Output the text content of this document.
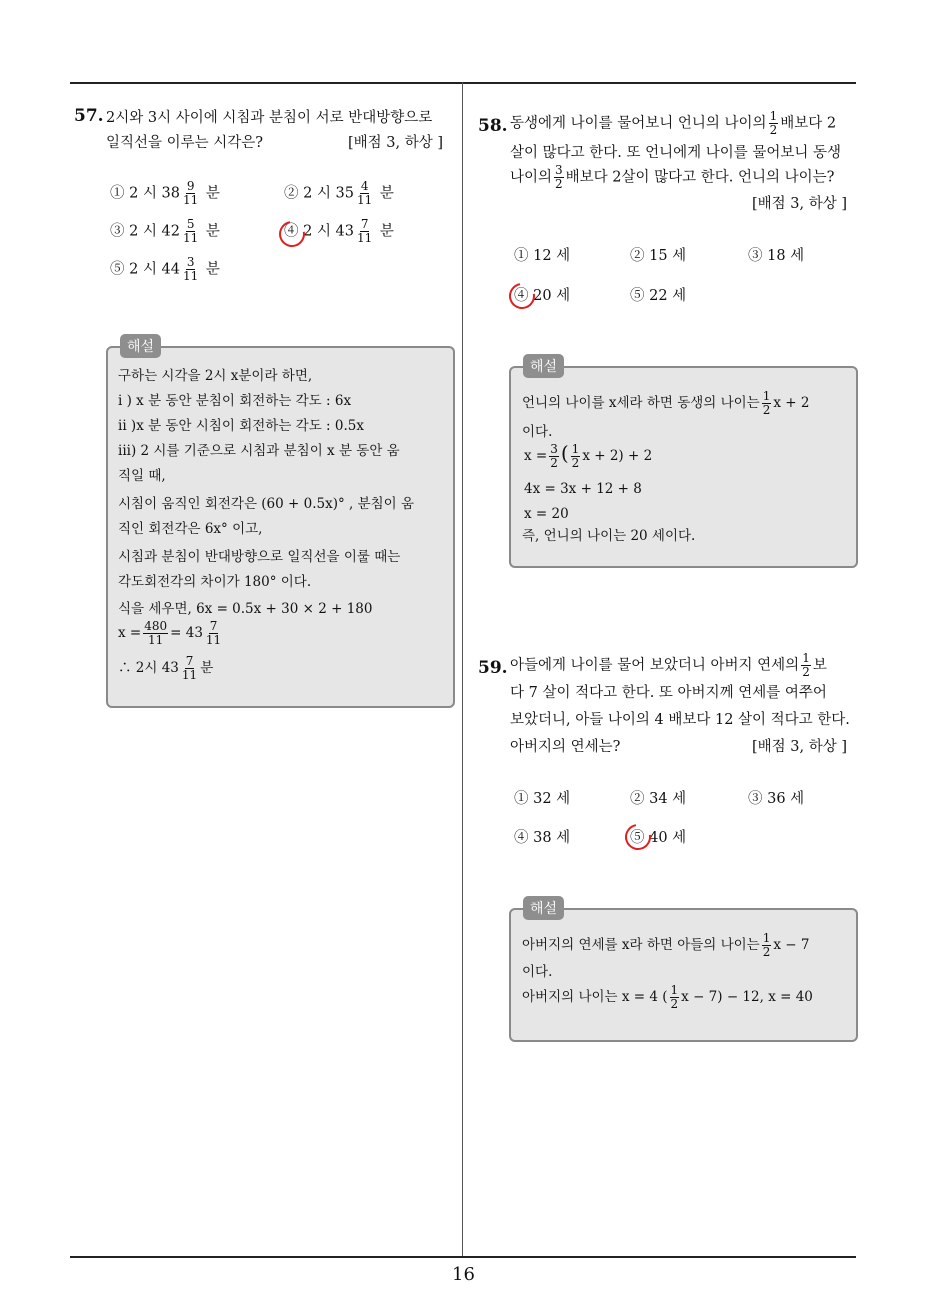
16
57. 2시와 3시 사이에 시침과 분침이 서로 반대방향으로
일직선을 이루는 시각은?	[배점 3, 하상 ]
① 2 시 $38 \frac{9}{11}$ 분	② 2 시 $35 \frac{4}{11}$ 분
③ 2 시 $42 \frac{5}{11}$ 분	④ 2 시 $43 \frac{7}{11}$ 분
⑤ 2 시 $44 \frac{3}{11}$ 분
해설
구하는 시각을 2시 x분이라 하면,
i ) x 분 동안 분침이 회전하는 각도 : 6x
ii )x 분 동안 시침이 회전하는 각도 : 0.5x
iii) 2 시를 기준으로 시침과 분침이 x 분 동안 움
직일 때,
시침이 움직인 회전각은 (60 + 0.5x)° , 분침이 움
직인 회전각은 6x° 이고,
시침과 분침이 반대방향으로 일직선을 이룰 때는
각도회전각의 차이가 180° 이다.
식을 세우면, 6x = 0.5x + 30 × 2 + 180
$x = \frac{480}{11} = 43 \frac{7}{11}$
∴ 2시 $43 \frac{7}{11}$ 분
58. 동생에게 나이를 물어보니 언니의 나이의 $\frac{1}{2}$ 배보다 2
살이 많다고 한다. 또 언니에게 나이를 물어보니 동생
나이의 $\frac{3}{2}$ 배보다 2살이 많다고 한다. 언니의 나이는?
[배점 3, 하상 ]
① 12 세	② 15 세	③ 18 세
④ 20 세	⑤ 22 세
해설
언니의 나이를 x세라 하면 동생의 나이는 $\frac{1}{2}$ x + 2
이다.
$x = \frac{3}{2}$ ( $\frac{1}{2}$ x + 2) + 2
4x = 3x + 12 + 8
x = 20
즉, 언니의 나이는 20 세이다.
59. 아들에게 나이를 물어 보았더니 아버지 연세의 $\frac{1}{2}$ 보
다 7 살이 적다고 한다. 또 아버지께 연세를 여쭈어
보았더니, 아들 나이의 4 배보다 12 살이 적다고 한다.
아버지의 연세는?	[배점 3, 하상 ]
① 32 세	② 34 세	③ 36 세
④ 38 세	⑤ 40 세
해설
아버지의 연세를 x라 하면 아들의 나이는 $\frac{1}{2}$ x − 7
이다.
아버지의 나이는 x = 4 ( $\frac{1}{2}$ x − 7) − 12, x = 40
